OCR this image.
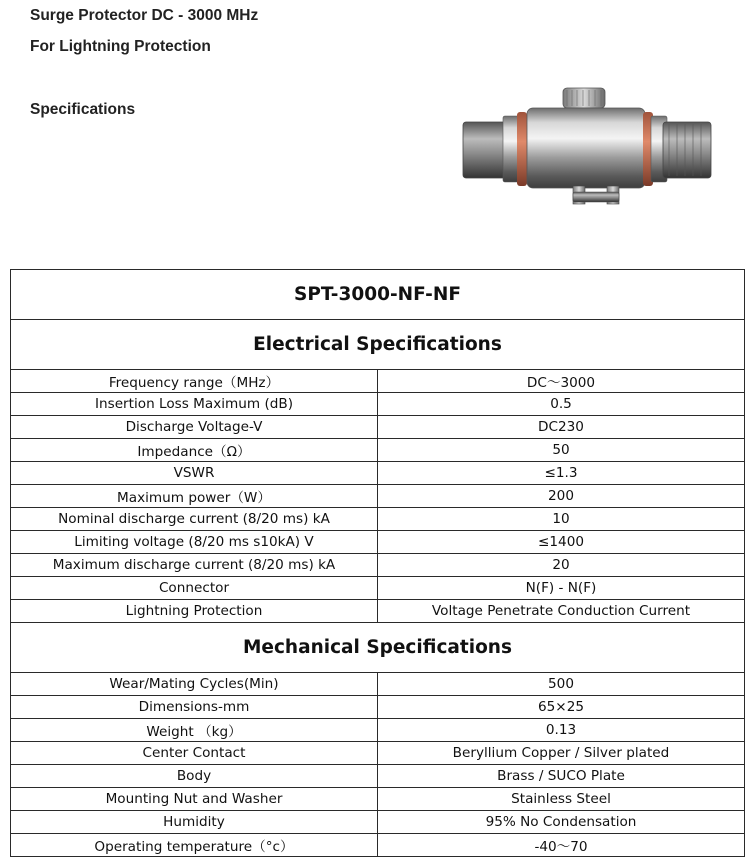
Surge Protector DC - 3000 MHz
For Lightning Protection
Specifications
SPT-3000-NF-NF	
Electrical Specifications	
Frequency range（MHz）	DC～3000
Insertion Loss Maximum (dB)	0.5
Discharge Voltage-V	DC230
Impedance（Ω）	50
VSWR	≤1.3
Maximum power（W）	200
Nominal discharge current (8/20 ms) kA	10
Limiting voltage (8/20 ms s10kA) V	≤1400
Maximum discharge current (8/20 ms) kA	20
Connector	N(F) - N(F)
Lightning Protection	Voltage Penetrate Conduction Current
Mechanical Specifications	
Wear/Mating Cycles(Min)	500
Dimensions-mm	65×25
Weight （kg）	0.13
Center Contact	Beryllium Copper / Silver plated
Body	Brass / SUCO Plate
Mounting Nut and Washer	Stainless Steel
Humidity	95% No Condensation
Operating temperature（°c）	-40～70
